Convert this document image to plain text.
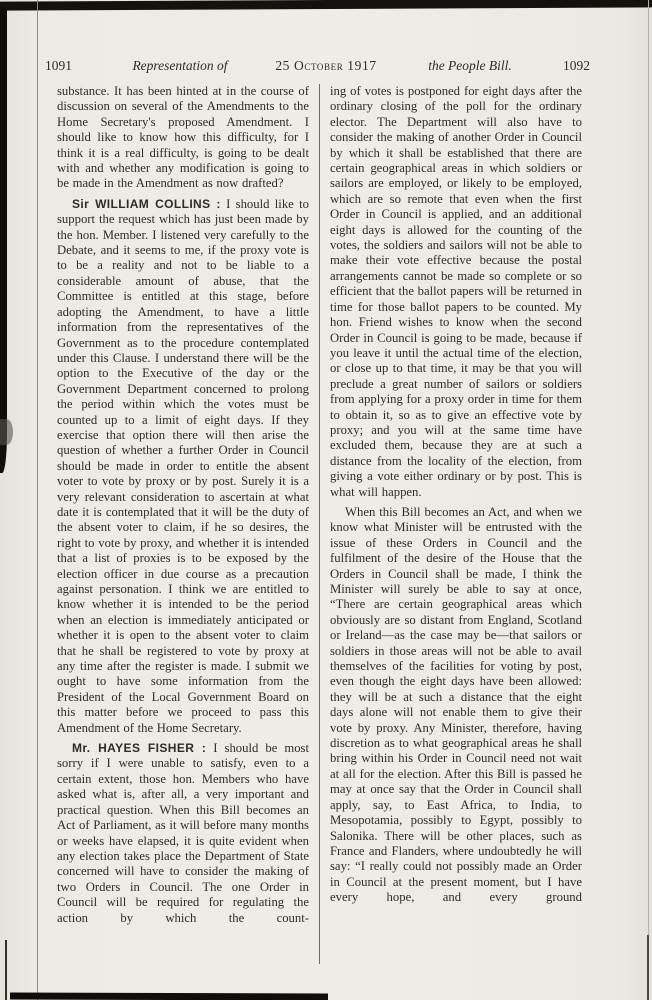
1091	Representation of	25 October 1917	the People Bill.	1092

substance. It has been hinted at in the course of discussion on several of the Amendments to the Home Secretary's proposed Amendment. I should like to know how this difficulty, for I think it is a real difficulty, is going to be dealt with and whether any modification is going to be made in the Amendment as now drafted?

Sir WILLIAM COLLINS : I should like to support the request which has just been made by the hon. Member. I listened very carefully to the Debate, and it seems to me, if the proxy vote is to be a reality and not to be liable to a considerable amount of abuse, that the Committee is entitled at this stage, before adopting the Amendment, to have a little information from the representatives of the Government as to the procedure contemplated under this Clause. I understand there will be the option to the Executive of the day or the Government Department concerned to prolong the period within which the votes must be counted up to a limit of eight days. If they exercise that option there will then arise the question of whether a further Order in Council should be made in order to entitle the absent voter to vote by proxy or by post. Surely it is a very relevant consideration to ascertain at what date it is contemplated that it will be the duty of the absent voter to claim, if he so desires, the right to vote by proxy, and whether it is intended that a list of proxies is to be exposed by the election officer in due course as a precaution against personation. I think we are entitled to know whether it is intended to be the period when an election is immediately anticipated or whether it is open to the absent voter to claim that he shall be registered to vote by proxy at any time after the register is made. I submit we ought to have some information from the President of the Local Government Board on this matter before we proceed to pass this Amendment of the Home Secretary.

Mr. HAYES FISHER : I should be most sorry if I were unable to satisfy, even to a certain extent, those hon. Members who have asked what is, after all, a very important and practical question. When this Bill becomes an Act of Parliament, as it will before many months or weeks have elapsed, it is quite evident when any election takes place the Department of State concerned will have to consider the making of two Orders in Council. The one Order in Council will be required for regulating the action by which the count-

ing of votes is postponed for eight days after the ordinary closing of the poll for the ordinary elector. The Department will also have to consider the making of another Order in Council by which it shall be established that there are certain geographical areas in which soldiers or sailors are employed, or likely to be employed, which are so remote that even when the first Order in Council is applied, and an additional eight days is allowed for the counting of the votes, the soldiers and sailors will not be able to make their vote effective because the postal arrangements cannot be made so complete or so efficient that the ballot papers will be returned in time for those ballot papers to be counted. My hon. Friend wishes to know when the second Order in Council is going to be made, because if you leave it until the actual time of the election, or close up to that time, it may be that you will preclude a great number of sailors or soldiers from applying for a proxy order in time for them to obtain it, so as to give an effective vote by proxy; and you will at the same time have excluded them, because they are at such a distance from the locality of the election, from giving a vote either ordinary or by post. This is what will happen.

When this Bill becomes an Act, and when we know what Minister will be entrusted with the issue of these Orders in Council and the fulfilment of the desire of the House that the Orders in Council shall be made, I think the Minister will surely be able to say at once, “There are certain geographical areas which obviously are so distant from England, Scotland or Ireland—as the case may be—that sailors or soldiers in those areas will not be able to avail themselves of the facilities for voting by post, even though the eight days have been allowed: they will be at such a distance that the eight days alone will not enable them to give their vote by proxy. Any Minister, therefore, having discretion as to what geographical areas he shall bring within his Order in Council need not wait at all for the election. After this Bill is passed he may at once say that the Order in Council shall apply, say, to East Africa, to India, to Mesopotamia, possibly to Egypt, possibly to Salonika. There will be other places, such as France and Flanders, where undoubtedly he will say: “I really could not possibly made an Order in Council at the present moment, but I have every hope, and every ground
